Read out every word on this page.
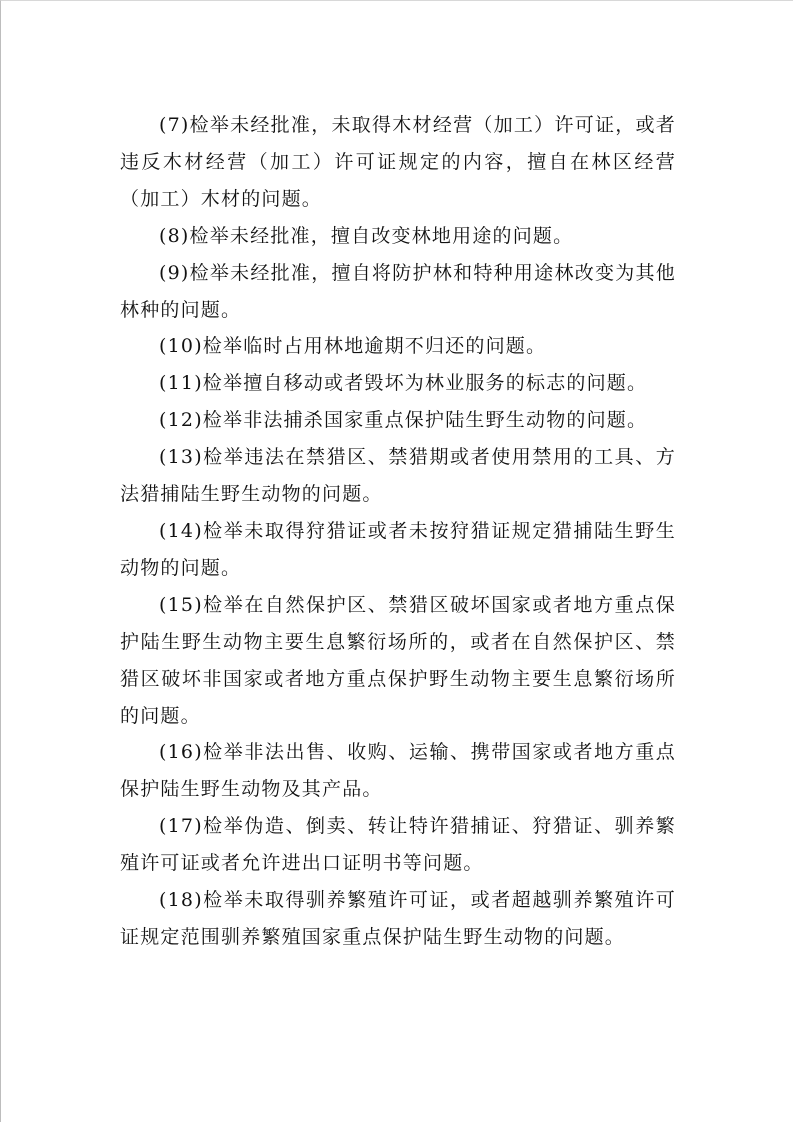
(7)检举未经批准，未取得木材经营（加工）许可证，或者违反木材经营（加工）许可证规定的内容，擅自在林区经营（加工）木材的问题。

(8)检举未经批准，擅自改变林地用途的问题。

(9)检举未经批准，擅自将防护林和特种用途林改变为其他林种的问题。

(10)检举临时占用林地逾期不归还的问题。

(11)检举擅自移动或者毁坏为林业服务的标志的问题。

(12)检举非法捕杀国家重点保护陆生野生动物的问题。

(13)检举违法在禁猎区、禁猎期或者使用禁用的工具、方法猎捕陆生野生动物的问题。

(14)检举未取得狩猎证或者未按狩猎证规定猎捕陆生野生动物的问题。

(15)检举在自然保护区、禁猎区破坏国家或者地方重点保护陆生野生动物主要生息繁衍场所的，或者在自然保护区、禁猎区破坏非国家或者地方重点保护野生动物主要生息繁衍场所的问题。

(16)检举非法出售、收购、运输、携带国家或者地方重点保护陆生野生动物及其产品。

(17)检举伪造、倒卖、转让特许猎捕证、狩猎证、驯养繁殖许可证或者允许进出口证明书等问题。

(18)检举未取得驯养繁殖许可证，或者超越驯养繁殖许可证规定范围驯养繁殖国家重点保护陆生野生动物的问题。
